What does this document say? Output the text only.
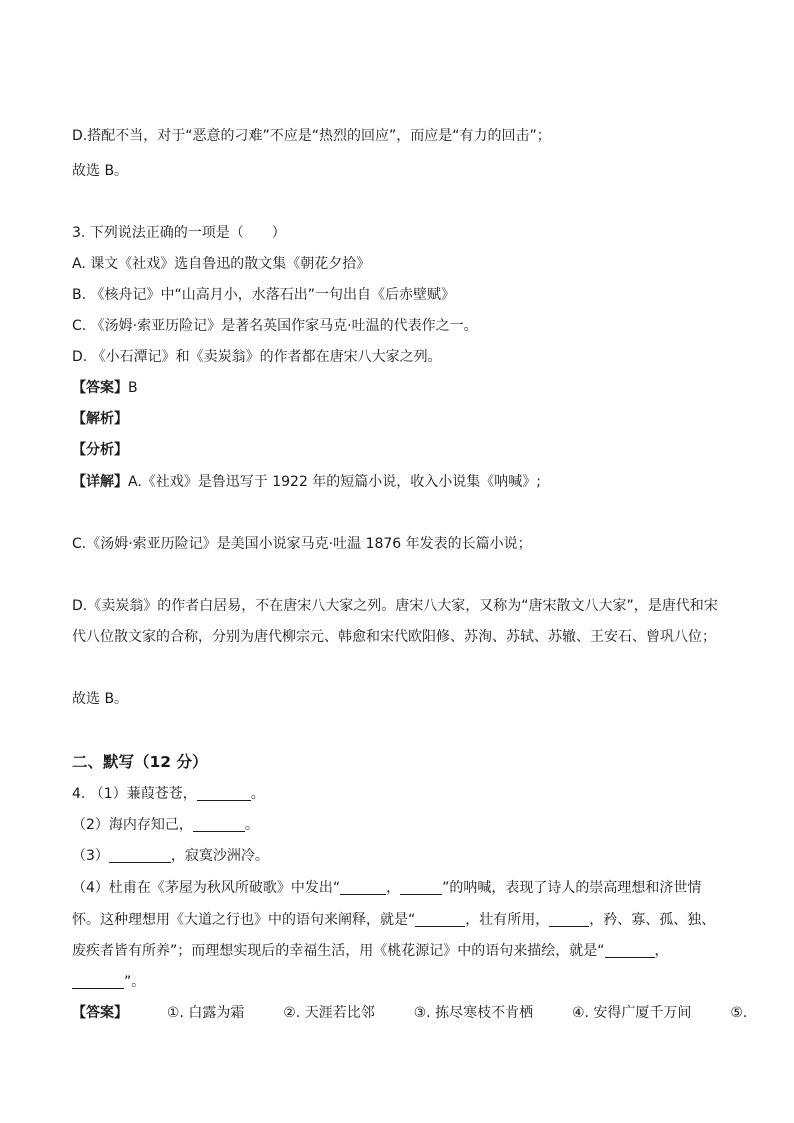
D.搭配不当，对于“恶意的刁难”不应是“热烈的回应”，而应是“有力的回击”；
故选 B。
3. 下列说法正确的一项是（　　）
A. 课文《社戏》选自鲁迅的散文集《朝花夕拾》
B. 《核舟记》中“山高月小，水落石出”一句出自《后赤壁赋》
C. 《汤姆·索亚历险记》是著名英国作家马克·吐温的代表作之一。
D. 《小石潭记》和《卖炭翁》的作者都在唐宋八大家之列。
【答案】B
【解析】
【分析】
【详解】A.《社戏》是鲁迅写于 1922 年的短篇小说，收入小说集《呐喊》;
C.《汤姆·索亚历险记》是美国小说家马克·吐温 1876 年发表的长篇小说；
D.《卖炭翁》的作者白居易，不在唐宋八大家之列。唐宋八大家，又称为“唐宋散文八大家”，是唐代和宋
代八位散文家的合称，分别为唐代柳宗元、韩愈和宋代欧阳修、苏洵、苏轼、苏辙、王安石、曾巩八位；
故选 B。
二、默写（12 分）
4. （1）蒹葭苍苍，	。
（2）海内存知己，	。
（3）	，寂寞沙洲冷。
（4）杜甫在《茅屋为秋风所破歌》中发出“	，	”的呐喊，表现了诗人的崇高理想和济世情
怀。这种理想用《大道之行也》中的语句来阐释，就是“	，壮有所用，	，矜、寡、孤、独、
废疾者皆有所养”；而理想实现后的幸福生活，用《桃花源记》中的语句来描绘，就是“	，
”。
【答案】	①. 白露为霜	②. 天涯若比邻	③. 拣尽寒枝不肯栖	④. 安得广厦千万间	⑤.
